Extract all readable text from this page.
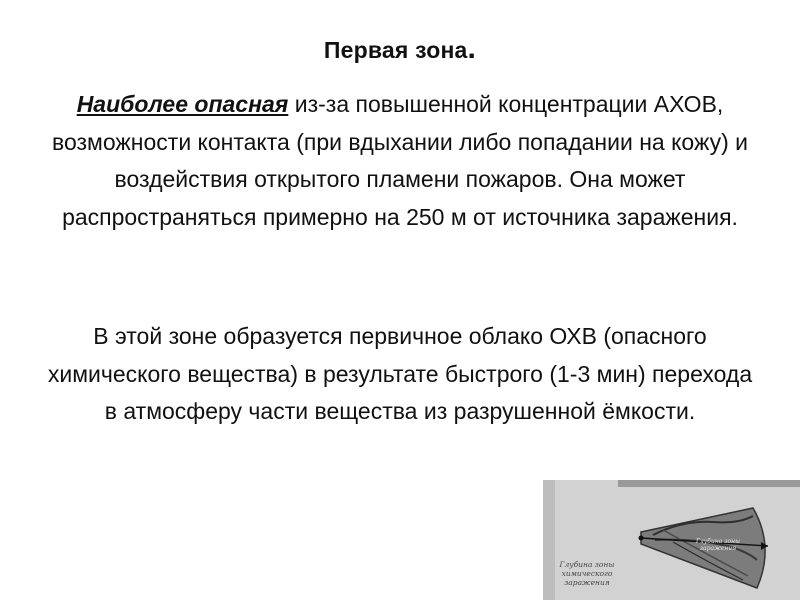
Первая зона.
Наиболее опасная из-за повышенной концентрации АХОВ, возможности контакта (при вдыхании либо попадании на кожу) и воздействия открытого пламени пожаров. Она может распространяться примерно на 250 м от источника заражения.
В этой зоне образуется первичное облако ОХВ (опасного химического вещества) в результате быстрого (1-3 мин) перехода в атмосферу части вещества из разрушенной ёмкости.
Глубина зоны заражения
Глубина зоны химического заражения
